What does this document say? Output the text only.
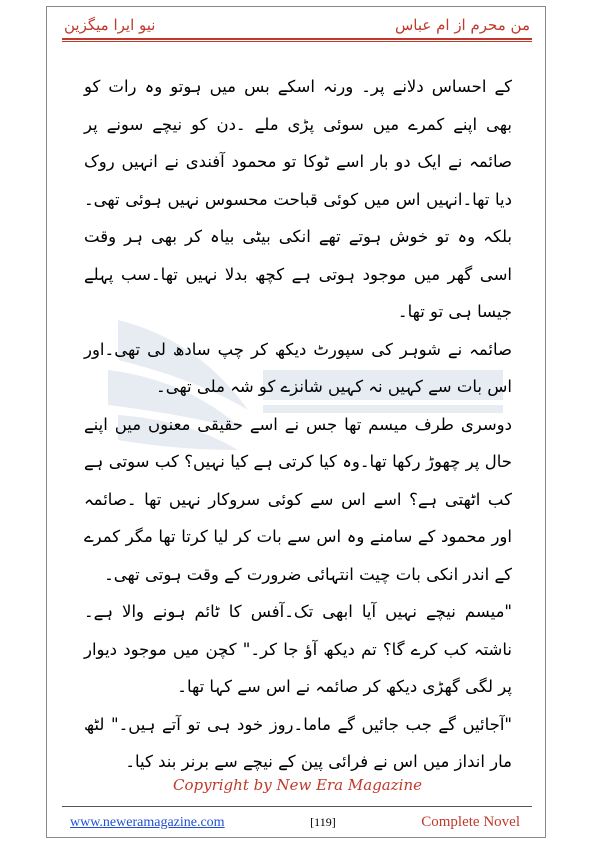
من محرم از ام عباس
نیو ایرا میگزین

کے احساس دلانے پر۔ ورنہ اسکے بس میں ہوتو وہ رات کو بھی اپنے کمرے میں سوئی پڑی ملے ۔دن کو نیچے سونے پر صائمہ نے ایک دو بار اسے ٹوکا تو محمود آفندی نے انہیں روک دیا تھا۔انہیں اس میں کوئی قباحت محسوس نہیں ہوئی تھی۔بلکہ وہ تو خوش ہوتے تھے انکی بیٹی بیاہ کر بھی ہر وقت اسی گھر میں موجود ہوتی ہے کچھ بدلا نہیں تھا۔سب پہلے جیسا ہی تو تھا۔

صائمہ نے شوہر کی سپورٹ دیکھ کر چپ سادھ لی تھی۔اور اس بات سے کہیں نہ کہیں شانزے کو شہ ملی تھی۔

دوسری طرف میسم تھا جس نے اسے حقیقی معنوں میں اپنے حال پر چھوڑ رکھا تھا۔وہ کیا کرتی ہے کیا نہیں؟ کب سوتی ہے کب اٹھتی ہے؟ اسے اس سے کوئی سروکار نہیں تھا ۔صائمہ اور محمود کے سامنے وہ اس سے بات کر لیا کرتا تھا مگر کمرے کے اندر انکی بات چیت انتہائی ضرورت کے وقت ہوتی تھی۔

"میسم نیچے نہیں آیا ابھی تک۔آفس کا ٹائم ہونے والا ہے۔ناشتہ کب کرے گا؟ تم دیکھ آؤ جا کر۔" کچن میں موجود دیوار پر لگی گھڑی دیکھ کر صائمہ نے اس سے کہا تھا۔

"آجائیں گے جب جائیں گے ماما۔روز خود ہی تو آتے ہیں۔" لٹھ مار انداز میں اس نے فرائی پین کے نیچے سے برنر بند کیا۔

Copyright by New Era Magazine
www.neweramagazine.com	[119]	Complete Novel
